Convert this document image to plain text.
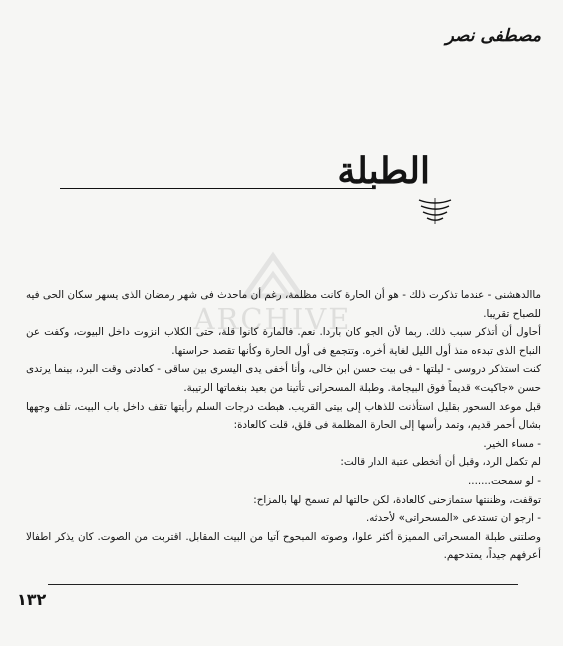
مصطفى نصر
الطبلة
ARCHIVE

ماالدهشنى - عندما تذكرت ذلك - هو أن الحارة كانت مظلمة، رغم أن ماحدث فى شهر رمضان الذى يسهر سكان الحى فيه للصباح تقريبا.

أحاول أن أتذكر سبب ذلك. ربما لأن الجو كان باردا. نعم. فالمارة كانوا قلة، حتى الكلاب انزوت داخل البيوت، وكفت عن النباح الذى تبدءه منذ أول الليل لغاية أخره. وتتجمع فى أول الحارة وكأنها تقصد حراستها.

كنت استذكر دروسى - ليلتها - فى بيت حسن ابن خالى، وأنا أخفى يدى اليسرى بين ساقى - كعادتى وقت البرد، بينما يرتدى حسن «جاكيت» قديماً فوق البيجامة. وطبلة المسحراتى تأتينا من بعيد بنغماتها الرتيبة.

قبل موعد السحور بقليل استأذنت للذهاب إلى بيتى القريب. هبطت درجات السلم رأيتها تقف داخل باب البيت، تلف وجهها بشال أحمر قديم، وتمد رأسها إلى الحارة المظلمة فى قلق، قلت كالعادة:

- مساء الخير.

لم تكمل الرد، وقبل أن أتخطى عتبة الدار قالت:

- لو سمحت.......

توقفت، وظننتها ستمازحنى كالعادة، لكن حالتها لم تسمح لها بالمزاح:

- ارجو ان تستدعى «المسحراتى» لأحدثه.

وصلتنى طبلة المسحراتى المميزة أكثر علوا، وصوته المبحوح آتيا من البيت المقابل. اقتربت من الصوت. كان يذكر اطفالا أعرفهم جيداً، يمتدحهم.

١٣٢
